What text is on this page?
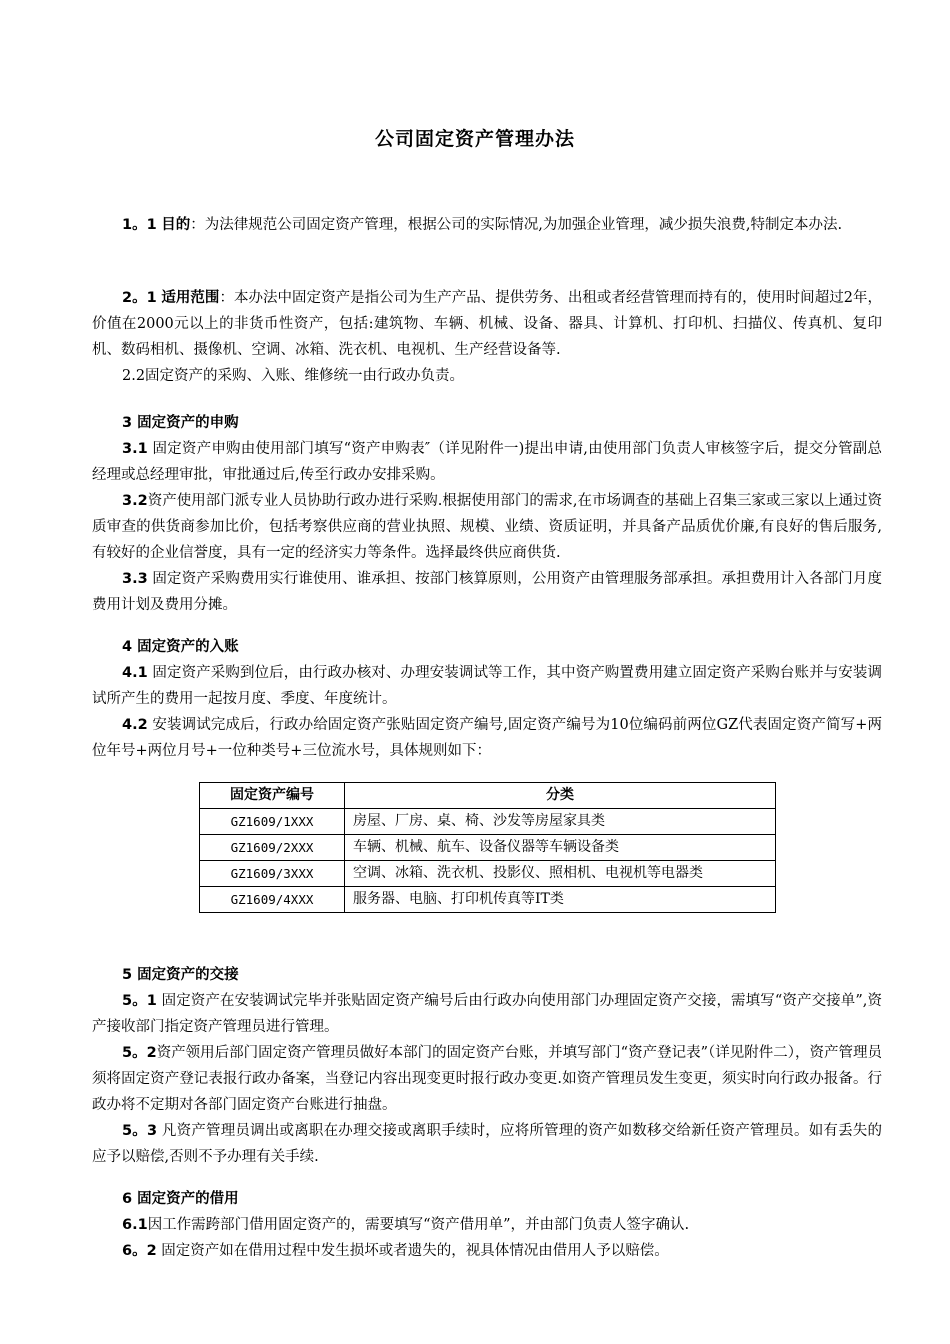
公司固定资产管理办法

1。1 目的：为法律规范公司固定资产管理，根据公司的实际情况,为加强企业管理，减少损失浪费,特制定本办法.

2。1 适用范围：本办法中固定资产是指公司为生产产品、提供劳务、出租或者经营管理而持有的，使用时间超过2年，价值在2000元以上的非货币性资产，包括:建筑物、车辆、机械、设备、器具、计算机、打印机、扫描仪、传真机、复印机、数码相机、摄像机、空调、冰箱、洗衣机、电视机、生产经营设备等.

2.2固定资产的采购、入账、维修统一由行政办负责。

3 固定资产的申购

3.1 固定资产申购由使用部门填写“资产申购表″（详见附件一)提出申请,由使用部门负责人审核签字后，提交分管副总经理或总经理审批，审批通过后,传至行政办安排采购。

3.2资产使用部门派专业人员协助行政办进行采购.根据使用部门的需求,在市场调查的基础上召集三家或三家以上通过资质审查的供货商参加比价，包括考察供应商的营业执照、规模、业绩、资质证明，并具备产品质优价廉,有良好的售后服务,有较好的企业信誉度，具有一定的经济实力等条件。选择最终供应商供货.

3.3 固定资产采购费用实行谁使用、谁承担、按部门核算原则，公用资产由管理服务部承担。承担费用计入各部门月度费用计划及费用分摊。

4 固定资产的入账

4.1 固定资产采购到位后，由行政办核对、办理安装调试等工作，其中资产购置费用建立固定资产采购台账并与安装调试所产生的费用一起按月度、季度、年度统计。

4.2 安装调试完成后，行政办给固定资产张贴固定资产编号,固定资产编号为10位编码前两位GZ代表固定资产简写+两位年号+两位月号+一位种类号+三位流水号，具体规则如下：

固定资产编号	分类
GZ1609/1XXX	房屋、厂房、桌、椅、沙发等房屋家具类
GZ1609/2XXX	车辆、机械、航车、设备仪器等车辆设备类
GZ1609/3XXX	空调、冰箱、洗衣机、投影仪、照相机、电视机等电器类
GZ1609/4XXX	服务器、电脑、打印机传真等IT类

5 固定资产的交接

5。1 固定资产在安装调试完毕并张贴固定资产编号后由行政办向使用部门办理固定资产交接，需填写“资产交接单”,资产接收部门指定资产管理员进行管理。

5。2资产领用后部门固定资产管理员做好本部门的固定资产台账，并填写部门“资产登记表”（详见附件二），资产管理员须将固定资产登记表报行政办备案，当登记内容出现变更时报行政办变更.如资产管理员发生变更，须实时向行政办报备。行政办将不定期对各部门固定资产台账进行抽盘。

5。3 凡资产管理员调出或离职在办理交接或离职手续时，应将所管理的资产如数移交给新任资产管理员。如有丢失的应予以赔偿,否则不予办理有关手续.

6 固定资产的借用

6.1因工作需跨部门借用固定资产的，需要填写“资产借用单”，并由部门负责人签字确认.

6。2 固定资产如在借用过程中发生损坏或者遗失的，视具体情况由借用人予以赔偿。
